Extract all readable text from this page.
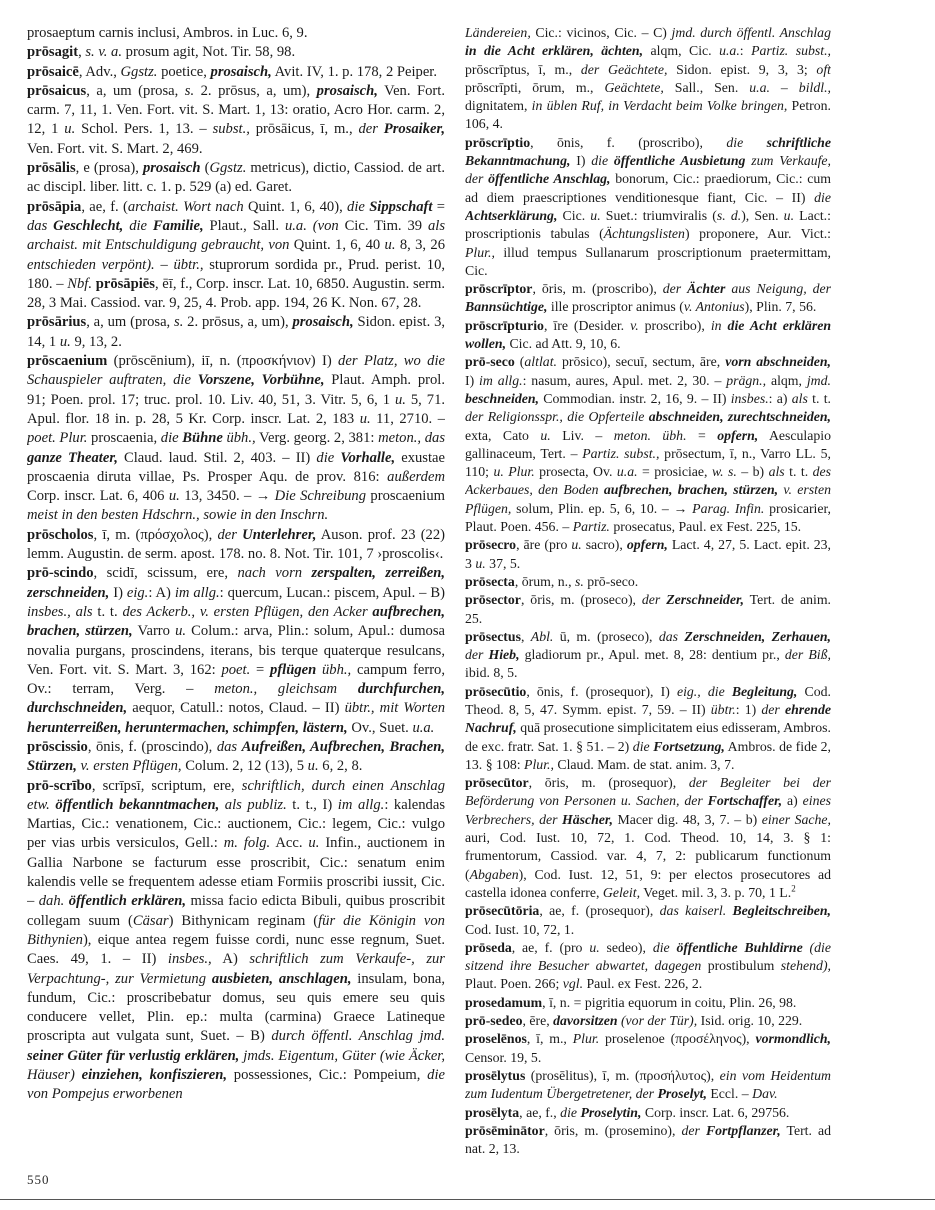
prosaeptum carnis inclusi, Ambros. in Luc. 6, 9.

prōsagit, s. v. a. prosum agit, Not. Tir. 58, 98.

prōsaicē, Adv., Ggstz. poetice, prosaisch, Avit. IV, 1. p. 178, 2 Peiper.

prōsaicus, a, um (prosa, s. 2. prōsus, a, um), prosaisch, Ven. Fort. carm. 7, 11, 1. Ven. Fort. vit. S. Mart. 1, 13: oratio, Acro Hor. carm. 2, 12, 1 u. Schol. Pers. 1, 13. – subst., prōsāicus, ī, m., der Prosaiker, Ven. Fort. vit. S. Mart. 2, 469.

prōsālis, e (prosa), prosaisch (Ggstz. metricus), dictio, Cassiod. de art. ac discipl. liber. litt. c. 1. p. 529 (a) ed. Garet.

prōsāpia, ae, f. (archaist. Wort nach Quint. 1, 6, 40), die Sippschaft = das Geschlecht, die Familie, Plaut., Sall. u.a. (von Cic. Tim. 39 als archaist. mit Entschuldigung gebraucht, von Quint. 1, 6, 40 u. 8, 3, 26 entschieden verpönt). – übtr., stuprorum sordida pr., Prud. perist. 10, 180. – Nbf. prōsāpiēs, ēī, f., Corp. inscr. Lat. 10, 6850. Augustin. serm. 28, 3 Mai. Cassiod. var. 9, 25, 4. Prob. app. 194, 26 K. Non. 67, 28.

prōsārius, a, um (prosa, s. 2. prōsus, a, um), prosaisch, Sidon. epist. 3, 14, 1 u. 9, 13, 2.

prōscaenium (prōscēnium), iī, n. (προσκήνιον) I) der Platz, wo die Schauspieler auftraten, die Vorszene, Vorbühne, Plaut. Amph. prol. 91; Poen. prol. 17; truc. prol. 10. Liv. 40, 51, 3. Vitr. 5, 6, 1 u. 5, 71. Apul. flor. 18 in. p. 28, 5 Kr. Corp. inscr. Lat. 2, 183 u. 11, 2710. – poet. Plur. proscaenia, die Bühne übh., Verg. georg. 2, 381: meton., das ganze Theater, Claud. laud. Stil. 2, 403. – II) die Vorhalle, exustae proscaenia diruta villae, Ps. Prosper Aqu. de prov. 816: außerdem Corp. inscr. Lat. 6, 406 u. 13, 3450. – → Die Schreibung proscaenium meist in den besten Hdschrn., sowie in den Inschrn.

prōscholos, ī, m. (πρόσχολος), der Unterlehrer, Auson. prof. 23 (22) lemm. Augustin. de serm. apost. 178. no. 8. Not. Tir. 101, 7 ›proscolis‹.

prō-scindo, scidī, scissum, ere, nach vorn zerspalten, zerreißen, zerschneiden, I) eig.: A) im allg.: quercum, Lucan.: piscem, Apul. – B) insbes., als t. t. des Ackerb., v. ersten Pflügen, den Acker aufbrechen, brachen, stürzen, Varro u. Colum.: arva, Plin.: solum, Apul.: dumosa novalia purgans, proscindens, iterans, bis terque quaterque resulcans, Ven. Fort. vit. S. Mart. 3, 162: poet. = pflügen übh., campum ferro, Ov.: terram, Verg. – meton., gleichsam durchfurchen, durchschneiden, aequor, Catull.: notos, Claud. – II) übtr., mit Worten herunterreißen, heruntermachen, schimpfen, lästern, Ov., Suet. u.a.

prōscissio, ōnis, f. (proscindo), das Aufreißen, Aufbrechen, Brachen, Stürzen, v. ersten Pflügen, Colum. 2, 12 (13), 5 u. 6, 2, 8.

prō-scrībo, scrīpsī, scriptum, ere, schriftlich, durch einen Anschlag etw. öffentlich bekanntmachen, als publiz. t. t., I) im allg.: kalendas Martias, Cic.: venationem, Cic.: auctionem, Cic.: legem, Cic.: vulgo per vias urbis versiculos, Gell.: m. folg. Acc. u. Infin., auctionem in Gallia Narbone se facturum esse proscribit, Cic.: senatum enim kalendis velle se frequentem adesse etiam Formiis proscribi iussit, Cic. – dah. öffentlich erklären, missa facio edicta Bibuli, quibus proscribit collegam suum (Cäsar) Bithynicam reginam (für die Königin von Bithynien), eique antea regem fuisse cordi, nunc esse regnum, Suet. Caes. 49, 1. – II) insbes., A) schriftlich zum Verkaufe-, zur Verpachtung-, zur Vermietung ausbieten, anschlagen, insulam, bona, fundum, Cic.: proscribebatur domus, seu quis emere seu quis conducere vellet, Plin. ep.: multa (carmina) Graece Latineque proscripta aut vulgata sunt, Suet. – B) durch öffentl. Anschlag jmd. seiner Güter für verlustig erklären, jmds. Eigentum, Güter (wie Äcker, Häuser) einziehen, konfiszieren, possessiones, Cic.: Pompeium, die von Pompejus erworbenen

Ländereien, Cic.: vicinos, Cic. – C) jmd. durch öffentl. Anschlag in die Acht erklären, ächten, alqm, Cic. u.a.: Partiz. subst., prōscrīptus, ī, m., der Geächtete, Sidon. epist. 9, 3, 3; oft prōscrīpti, ōrum, m., Geächtete, Sall., Sen. u.a. – bildl., dignitatem, in üblen Ruf, in Verdacht beim Volke bringen, Petron. 106, 4.

prōscrīptio, ōnis, f. (proscribo), die schriftliche Bekanntmachung, I) die öffentliche Ausbietung zum Verkaufe, der öffentliche Anschlag, bonorum, Cic.: praediorum, Cic.: cum ad diem praescriptiones venditionesque fiant, Cic. – II) die Achtserklärung, Cic. u. Suet.: triumviralis (s. d.), Sen. u. Lact.: proscriptionis tabulas (Ächtungslisten) proponere, Aur. Vict.: Plur., illud tempus Sullanarum proscriptionum praetermittam, Cic.

prōscrīptor, ōris, m. (proscribo), der Ächter aus Neigung, der Bannsüchtige, ille proscriptor animus (v. Antonius), Plin. 7, 56.

prōscrīpturio, īre (Desider. v. proscribo), in die Acht erklären wollen, Cic. ad Att. 9, 10, 6.

prō-seco (altlat. prōsico), secuī, sectum, āre, vorn abschneiden, I) im allg.: nasum, aures, Apul. met. 2, 30. – prägn., alqm, jmd. beschneiden, Commodian. instr. 2, 16, 9. – II) insbes.: a) als t. t. der Religionsspr., die Opferteile abschneiden, zurechtschneiden, exta, Cato u. Liv. – meton. übh. = opfern, Aesculapio gallinaceum, Tert. – Partiz. subst., prōsectum, ī, n., Varro LL. 5, 110; u. Plur. prosecta, Ov. u.a. = prosiciae, w. s. – b) als t. t. des Ackerbaues, den Boden aufbrechen, brachen, stürzen, v. ersten Pflügen, solum, Plin. ep. 5, 6, 10. – → Parag. Infin. prosicarier, Plaut. Poen. 456. – Partiz. prosecatus, Paul. ex Fest. 225, 15.

prōsecro, āre (pro u. sacro), opfern, Lact. 4, 27, 5. Lact. epit. 23, 3 u. 37, 5.

prōsecta, ōrum, n., s. prō-seco.

prōsector, ōris, m. (proseco), der Zerschneider, Tert. de anim. 25.

prōsectus, Abl. ū, m. (proseco), das Zerschneiden, Zerhauen, der Hieb, gladiorum pr., Apul. met. 8, 28: dentium pr., der Biß, ibid. 8, 5.

prōsecūtio, ōnis, f. (prosequor), I) eig., die Begleitung, Cod. Theod. 8, 5, 47. Symm. epist. 7, 59. – II) übtr.: 1) der ehrende Nachruf, quā prosecutione simplicitatem eius edisseram, Ambros. de exc. fratr. Sat. 1. § 51. – 2) die Fortsetzung, Ambros. de fide 2, 13. § 108: Plur., Claud. Mam. de stat. anim. 3, 7.

prōsecūtor, ōris, m. (prosequor), der Begleiter bei der Beförderung von Personen u. Sachen, der Fortschaffer, a) eines Verbrechers, der Häscher, Macer dig. 48, 3, 7. – b) einer Sache, auri, Cod. Iust. 10, 72, 1. Cod. Theod. 10, 14, 3. § 1: frumentorum, Cassiod. var. 4, 7, 2: publicarum functionum (Abgaben), Cod. Iust. 12, 51, 9: per electos prosecutores ad castella idonea conferre, Geleit, Veget. mil. 3, 3. p. 70, 1 L.$^2$

prōsecūtōria, ae, f. (prosequor), das kaiserl. Begleitschreiben, Cod. Iust. 10, 72, 1.

prōseda, ae, f. (pro u. sedeo), die öffentliche Buhldirne (die sitzend ihre Besucher abwartet, dagegen prostibulum stehend), Plaut. Poen. 266; vgl. Paul. ex Fest. 226, 2.

prosedamum, ī, n. = pigritia equorum in coitu, Plin. 26, 98.

prō-sedeo, ēre, davorsitzen (vor der Tür), Isid. orig. 10, 229.

proselēnos, ī, m., Plur. proselenoe (προσέληνος), vormondlich, Censor. 19, 5.

prosēlytus (prosēlitus), ī, m. (προσήλυτος), ein vom Heidentum zum Iudentum Übergetretener, der Proselyt, Eccl. – Dav.

prosēlyta, ae, f., die Proselytin, Corp. inscr. Lat. 6, 29756.

prōsēminātor, ōris, m. (prosemino), der Fortpflanzer, Tert. ad nat. 2, 13.

550
